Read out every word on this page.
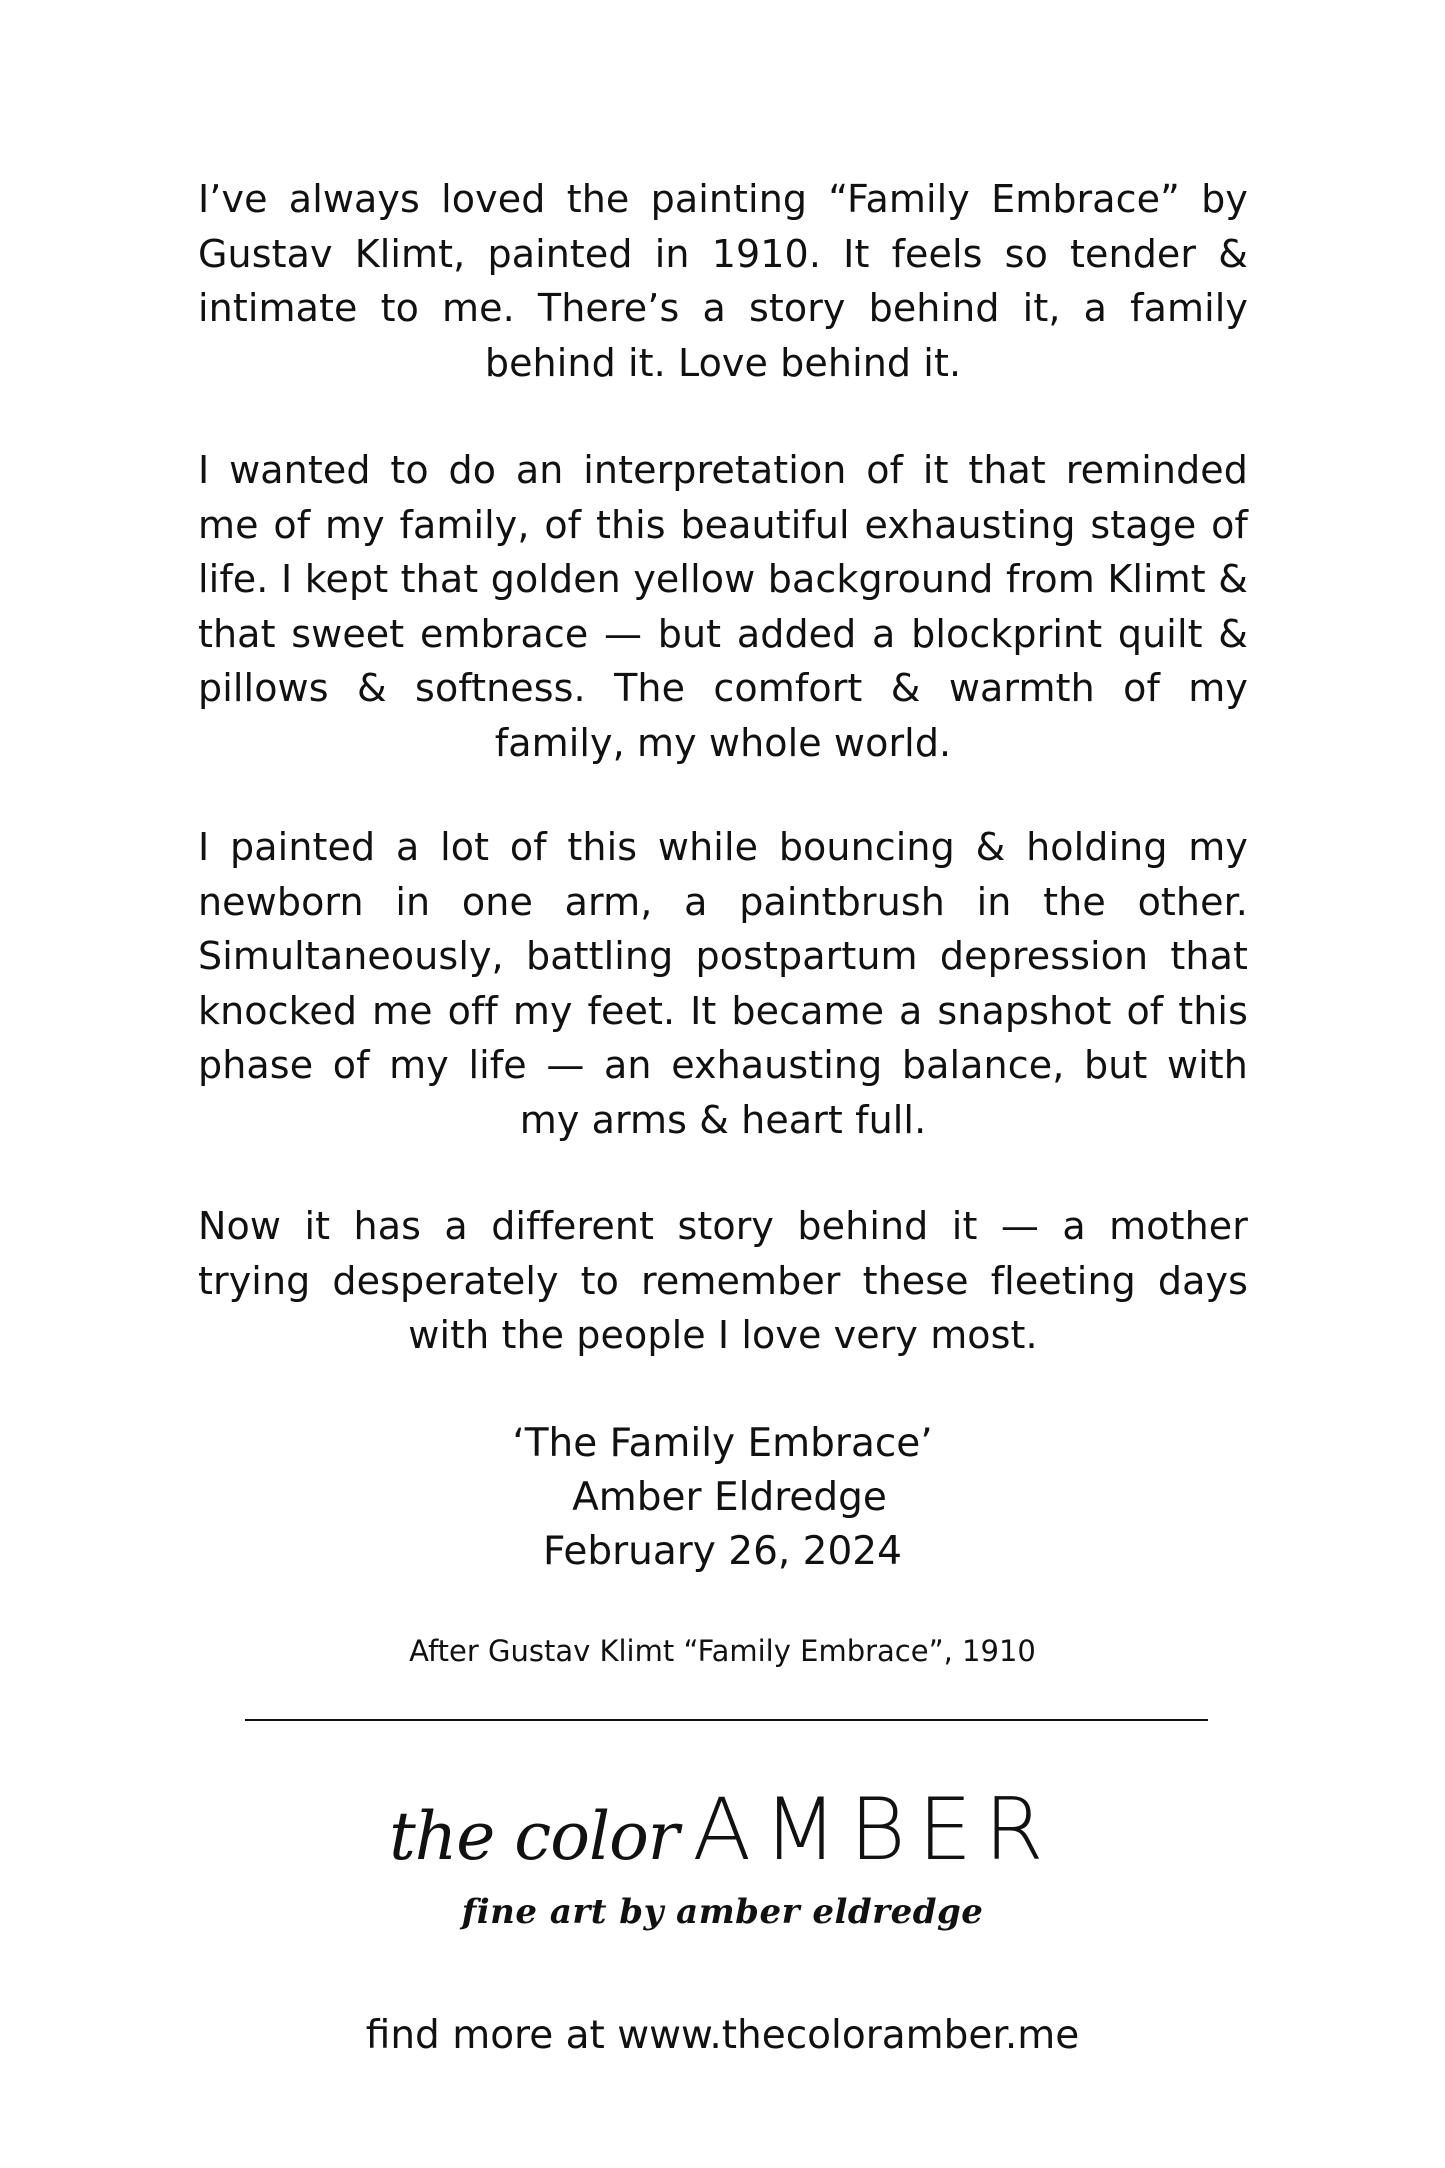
I’ve always loved the painting “Family Embrace” by Gustav Klimt, painted in 1910. It feels so tender & intimate to me. There’s a story behind it, a family behind it. Love behind it.

I wanted to do an interpretation of it that reminded me of my family, of this beautiful exhausting stage of life. I kept that golden yellow background from Klimt & that sweet embrace — but added a blockprint quilt & pillows & softness. The comfort & warmth of my family, my whole world.

I painted a lot of this while bouncing & holding my newborn in one arm, a paintbrush in the other. Simultaneously, battling postpartum depression that knocked me off my feet. It became a snapshot of this phase of my life — an exhausting balance, but with my arms & heart full.

Now it has a different story behind it — a mother trying desperately to remember these fleeting days with the people I love very most.

‘The Family Embrace’
Amber Eldredge
February 26, 2024
After Gustav Klimt “Family Embrace”, 1910
the color AMBER
fine art by amber eldredge
find more at www.thecoloramber.me
